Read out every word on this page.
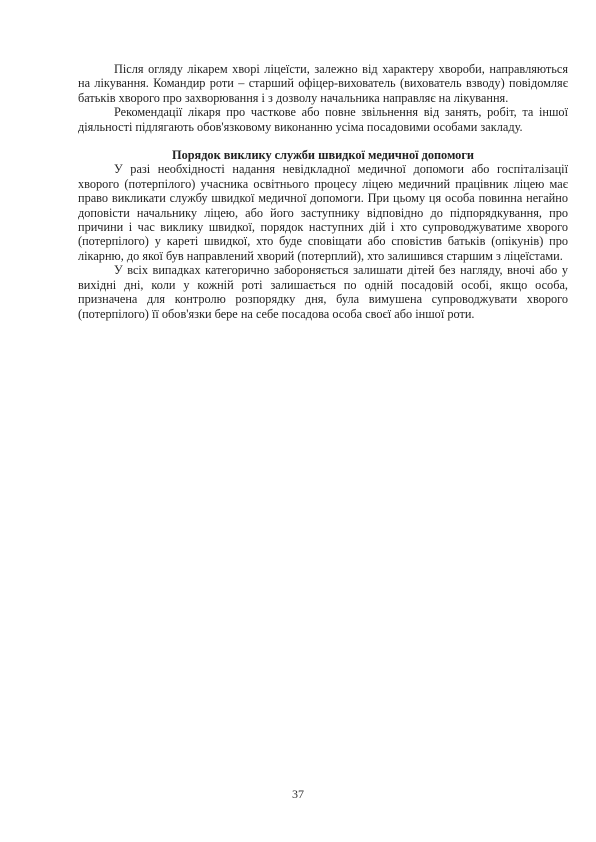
Після огляду лікарем хворі ліцеїсти, залежно від характеру хвороби, направляються на лікування. Командир роти – старший офіцер-вихователь (вихователь взводу) повідомляє батьків хворого про захворювання і з дозволу начальника направляє на лікування.

Рекомендації лікаря про часткове або повне звільнення від занять, робіт, та іншої діяльності підлягають обов'язковому виконанню усіма посадовими особами закладу.

Порядок виклику служби швидкої медичної допомоги

У разі необхідності надання невідкладної медичної допомоги або госпіталізації хворого (потерпілого) учасника освітнього процесу ліцею медичний працівник ліцею має право викликати службу швидкої медичної допомоги. При цьому ця особа повинна негайно доповісти начальнику ліцею, або його заступнику відповідно до підпорядкування, про причини і час виклику швидкої, порядок наступних дій і хто супроводжуватиме хворого (потерпілого) у кареті швидкої, хто буде сповіщати або сповістив батьків (опікунів) про лікарню, до якої був направлений хворий (потерплий), хто залишився старшим з ліцеїстами.

У всіх випадках категорично забороняється залишати дітей без нагляду, вночі або у вихідні дні, коли у кожній роті залишається по одній посадовій особі, якщо особа, призначена для контролю розпорядку дня, була вимушена супроводжувати хворого (потерпілого) її обов'язки бере на себе посадова особа своєї або іншої роти.

37
